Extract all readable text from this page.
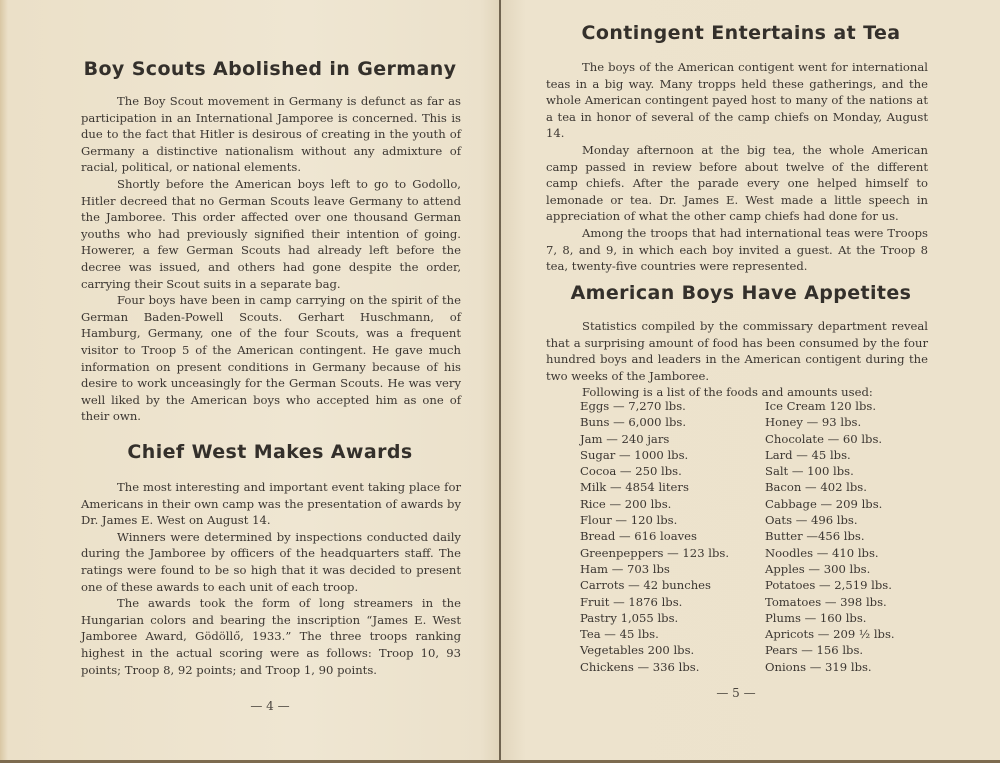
Boy Scouts Abolished in Germany

The Boy Scout movement in Germany is defunct as far as participation in an International Jamporee is concerned. This is due to the fact that Hitler is desirous of creating in the youth of Germany a distinctive nationalism without any admixture of racial, political, or national elements.

Shortly before the American boys left to go to Godollo, Hitler decreed that no German Scouts leave Germany to attend the Jamboree. This order affected over one thousand German youths who had previously signified their intention of going. Howerer, a few German Scouts had already left before the decree was issued, and others had gone despite the order, carrying their Scout suits in a separate bag.

Four boys have been in camp carrying on the spirit of the German Baden-Powell Scouts. Gerhart Huschmann, of Hamburg, Germany, one of the four Scouts, was a frequent visitor to Troop 5 of the American contingent. He gave much information on present conditions in Germany because of his desire to work unceasingly for the German Scouts. He was very well liked by the American boys who accepted him as one of their own.

Chief West Makes Awards

The most interesting and important event taking place for Americans in their own camp was the presentation of awards by Dr. James E. West on August 14.

Winners were determined by inspections conducted daily during the Jamboree by officers of the headquarters staff. The ratings were found to be so high that it was decided to present one of these awards to each unit of each troop.

The awards took the form of long streamers in the Hungarian colors and bearing the inscription “James E. West Jamboree Award, Gödöllő, 1933.” The three troops ranking highest in the actual scoring were as follows: Troop 10, 93 points; Troop 8, 92 points; and Troop 1, 90 points.

— 4 —
Contingent Entertains at Tea

The boys of the American contigent went for international teas in a big way. Many tropps held these gatherings, and the whole American contingent payed host to many of the nations at a tea in honor of several of the camp chiefs on Monday, August 14.

Monday afternoon at the big tea, the whole American camp passed in review before about twelve of the different camp chiefs. After the parade every one helped himself to lemonade or tea. Dr. James E. West made a little speech in appreciation of what the other camp chiefs had done for us.

Among the troops that had international teas were Troops 7, 8, and 9, in which each boy invited a guest. At the Troop 8 tea, twenty-five countries were represented.

American Boys Have Appetites

Statistics compiled by the commissary department reveal that a surprising amount of food has been consumed by the four hundred boys and leaders in the American contigent during the two weeks of the Jamboree.

Following is a list of the foods and amounts used:

Eggs — 7,270 lbs.
Buns — 6,000 lbs.
Jam — 240 jars
Sugar — 1000 lbs.
Cocoa — 250 lbs.
Milk — 4854 liters
Rice — 200 lbs.
Flour — 120 lbs.
Bread — 616 loaves
Greenpeppers — 123 lbs.
Ham — 703 lbs
Carrots — 42 bunches
Fruit — 1876 lbs.
Pastry 1,055 lbs.
Tea — 45 lbs.
Vegetables 200 lbs.
Chickens — 336 lbs.
Ice Cream 120 lbs.
Honey — 93 lbs.
Chocolate — 60 lbs.
Lard — 45 lbs.
Salt — 100 lbs.
Bacon — 402 lbs.
Cabbage — 209 lbs.
Oats — 496 lbs.
Butter —456 lbs.
Noodles — 410 lbs.
Apples — 300 lbs.
Potatoes — 2,519 lbs.
Tomatoes — 398 lbs.
Plums — 160 lbs.
Apricots — 209 ½ lbs.
Pears — 156 lbs.
Onions — 319 lbs.
— 5 —
